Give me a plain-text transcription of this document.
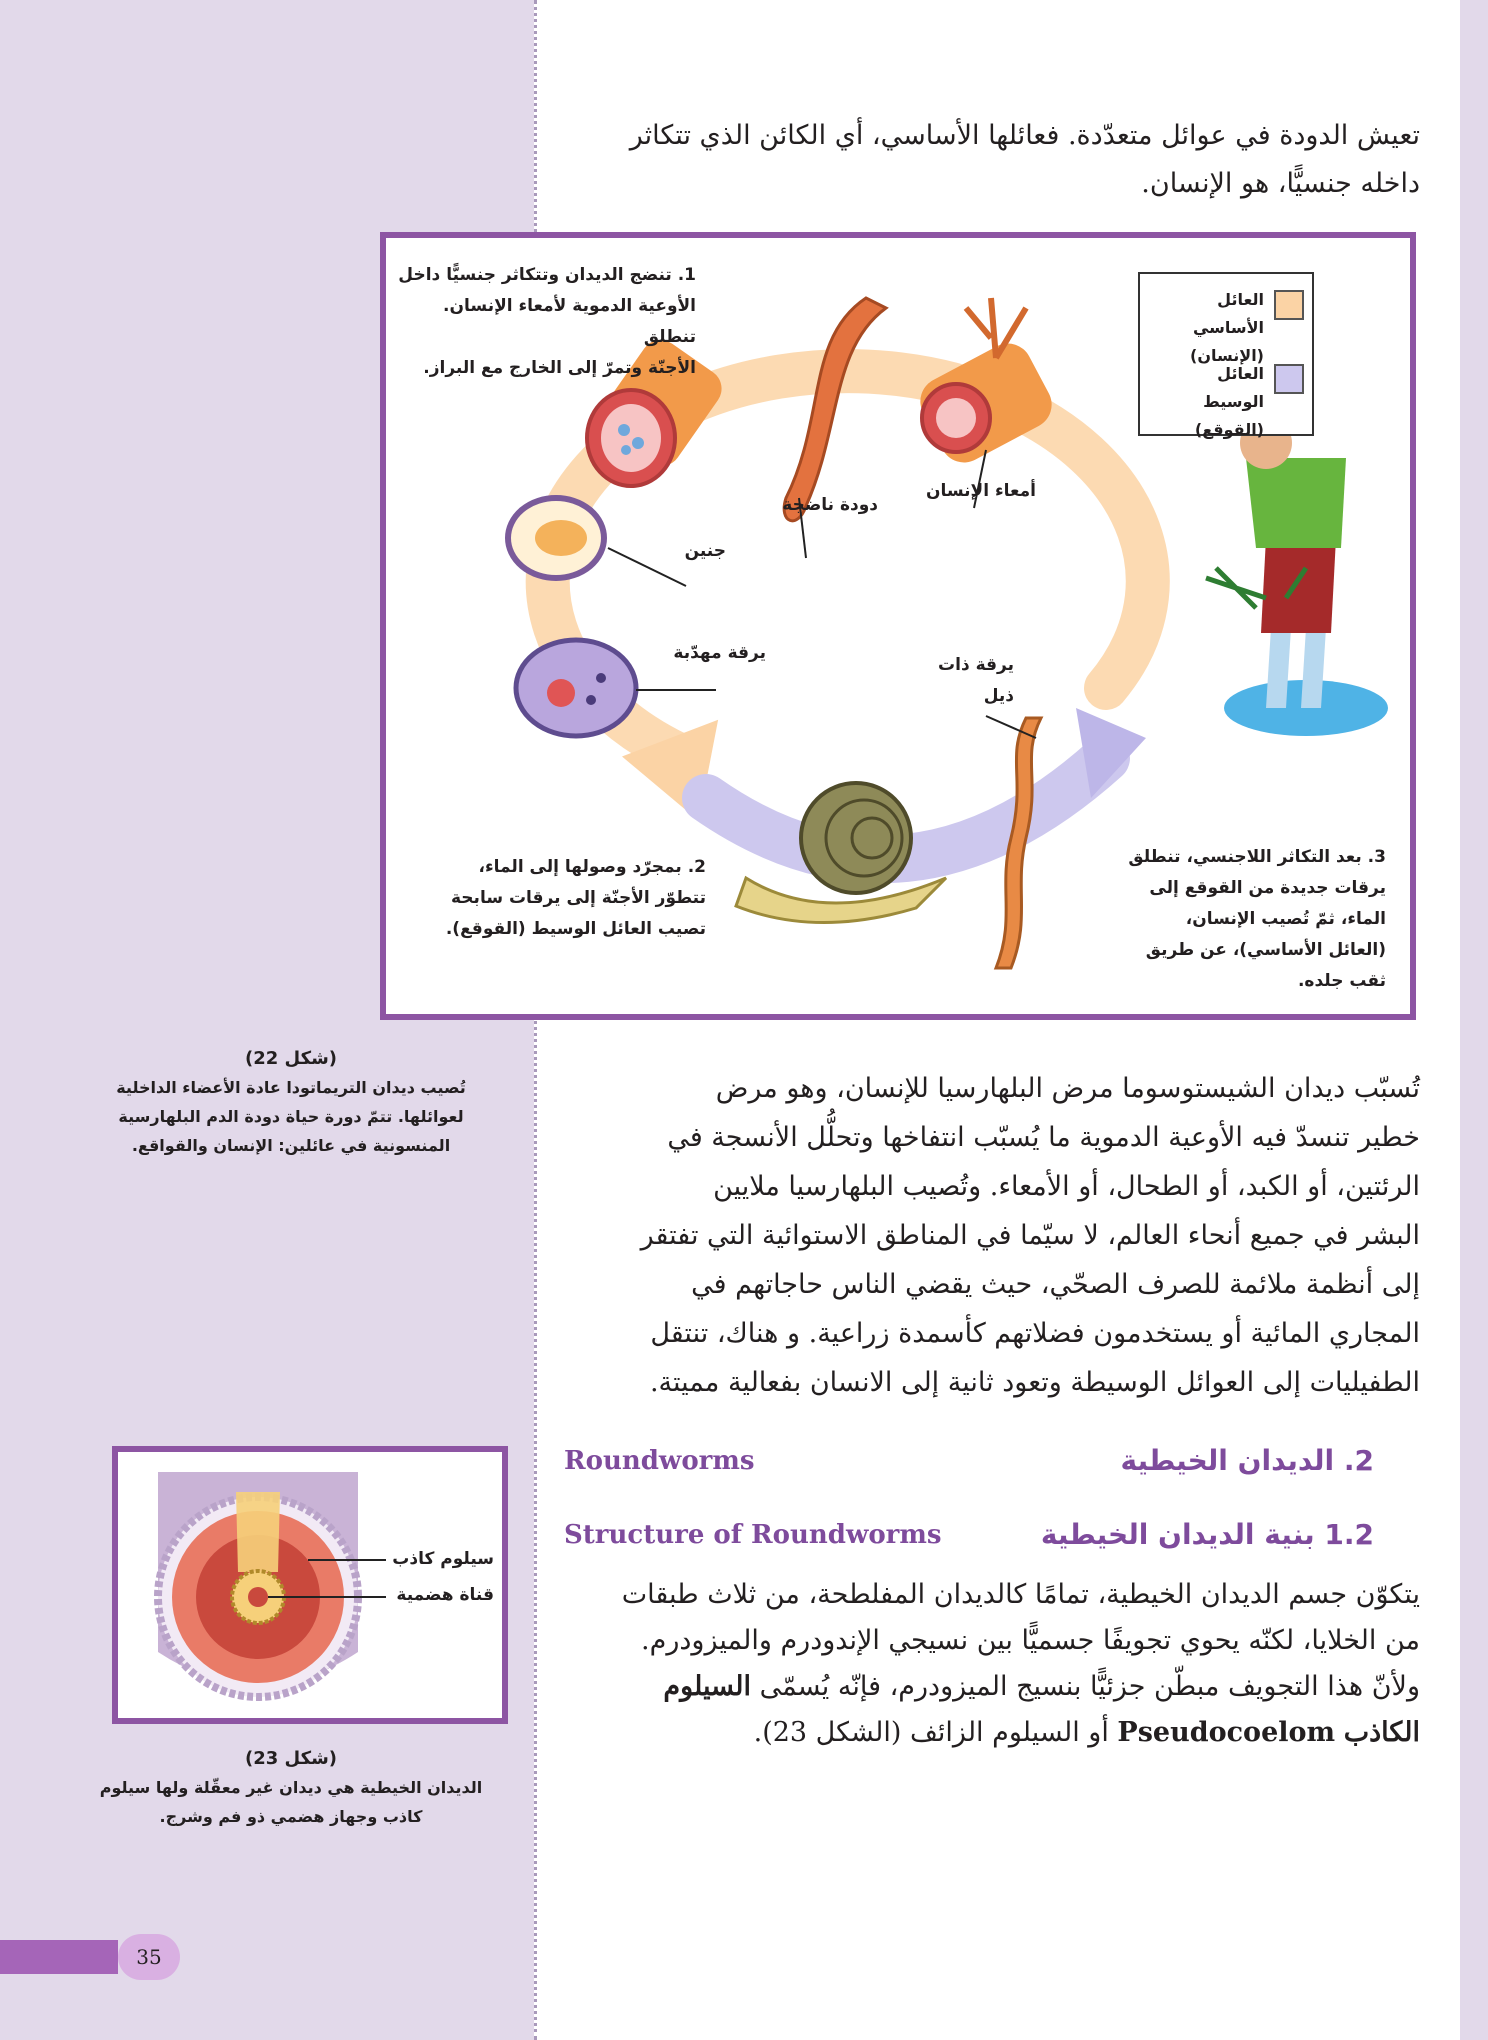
تعيش الدودة في عوائل متعدّدة. فعائلها الأساسي، أي الكائن الذي تتكاثر
داخله جنسيًّا، هو الإنسان.
1. تنضج الديدان وتتكاثر جنسيًّا داخل
الأوعية الدموية لأمعاء الإنسان. تنطلق
الأجنّة وتمرّ إلى الخارج مع البراز.
2. بمجرّد وصولها إلى الماء،
تتطوّر الأجنّة إلى يرقات سابحة
تصيب العائل الوسيط (القوقع).
3. بعد التكاثر اللاجنسي، تنطلق
يرقات جديدة من القوقع إلى
الماء، ثمّ تُصيب الإنسان،
(العائل الأساسي)، عن طريق
ثقب جلده.
دودة ناضجة
أمعاء الإنسان
جنين
يرقة مهدّبة
يرقة ذات
ذيل
العائل الأساسي
(الإنسان)
العائل الوسيط
(القوقع)
(شكل 22)
تُصيب ديدان التريماتودا عادة الأعضاء الداخلية
لعوائلها. تتمّ دورة حياة دودة الدم البلهارسية
المنسونية في عائلين: الإنسان والقواقع.
تُسبّب ديدان الشيستوسوما مرض البلهارسيا للإنسان، وهو مرض
خطير تنسدّ فيه الأوعية الدموية ما يُسبّب انتفاخها وتحلُّل الأنسجة في
الرئتين، أو الكبد، أو الطحال، أو الأمعاء. وتُصيب البلهارسيا ملايين
البشر في جميع أنحاء العالم، لا سيّما في المناطق الاستوائية التي تفتقر
إلى أنظمة ملائمة للصرف الصحّي، حيث يقضي الناس حاجاتهم في
المجاري المائية أو يستخدمون فضلاتهم كأسمدة زراعية. و هناك، تنتقل
الطفيليات إلى العوائل الوسيطة وتعود ثانية إلى الانسان بفعالية مميتة.
Roundworms	2. الديدان الخيطية
Structure of Roundworms	1.2 بنية الديدان الخيطية
يتكوّن جسم الديدان الخيطية، تمامًا كالديدان المفلطحة، من ثلاث طبقات
من الخلايا، لكنّه يحوي تجويفًا جسميًّا بين نسيجي الإندودرم والميزودرم.
ولأنّ هذا التجويف مبطّن جزئيًّا بنسيج الميزودرم، فإنّه يُسمّى السيلوم
الكاذب Pseudocoelom أو السيلوم الزائف (الشكل 23).
سيلوم كاذب
قناة هضمية
(شكل 23)
الديدان الخيطية هي ديدان غير معقّلة ولها سيلوم
كاذب وجهاز هضمي ذو فم وشرج.
35
